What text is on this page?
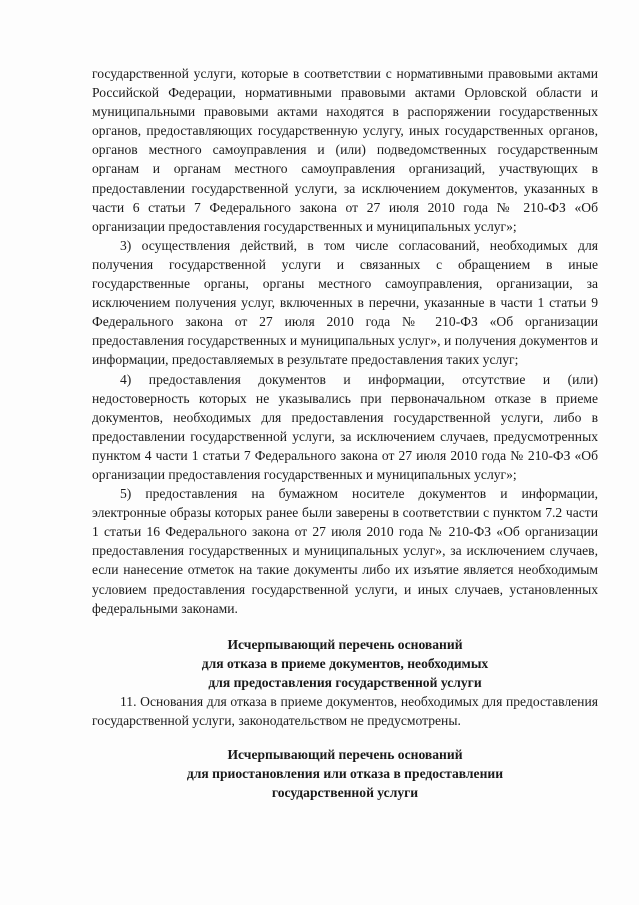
государственной услуги, которые в соответствии с нормативными правовыми актами Российской Федерации, нормативными правовыми актами Орловской области и муниципальными правовыми актами находятся в распоряжении государственных органов, предоставляющих государственную услугу, иных государственных органов, органов местного самоуправления и (или) подведомственных государственным органам и органам местного самоуправления организаций, участвующих в предоставлении государственной услуги, за исключением документов, указанных в части 6 статьи 7 Федерального закона от 27 июля 2010 года № 210-ФЗ «Об организации предоставления государственных и муниципальных услуг»;

3) осуществления действий, в том числе согласований, необходимых для получения государственной услуги и связанных с обращением в иные государственные органы, органы местного самоуправления, организации, за исключением получения услуг, включенных в перечни, указанные в части 1 статьи 9 Федерального закона от 27 июля 2010 года № 210-ФЗ «Об организации предоставления государственных и муниципальных услуг», и получения документов и информации, предоставляемых в результате предоставления таких услуг;

4) предоставления документов и информации, отсутствие и (или) недостоверность которых не указывались при первоначальном отказе в приеме документов, необходимых для предоставления государственной услуги, либо в предоставлении государственной услуги, за исключением случаев, предусмотренных пунктом 4 части 1 статьи 7 Федерального закона от 27 июля 2010 года № 210-ФЗ «Об организации предоставления государственных и муниципальных услуг»;

5) предоставления на бумажном носителе документов и информации, электронные образы которых ранее были заверены в соответствии с пунктом 7.2 части 1 статьи 16 Федерального закона от 27 июля 2010 года № 210-ФЗ «Об организации предоставления государственных и муниципальных услуг», за исключением случаев, если нанесение отметок на такие документы либо их изъятие является необходимым условием предоставления государственной услуги, и иных случаев, установленных федеральными законами.

Исчерпывающий перечень оснований

для отказа в приеме документов, необходимых

для предоставления государственной услуги

11. Основания для отказа в приеме документов, необходимых для предоставления государственной услуги, законодательством не предусмотрены.

Исчерпывающий перечень оснований

для приостановления или отказа в предоставлении

государственной услуги
